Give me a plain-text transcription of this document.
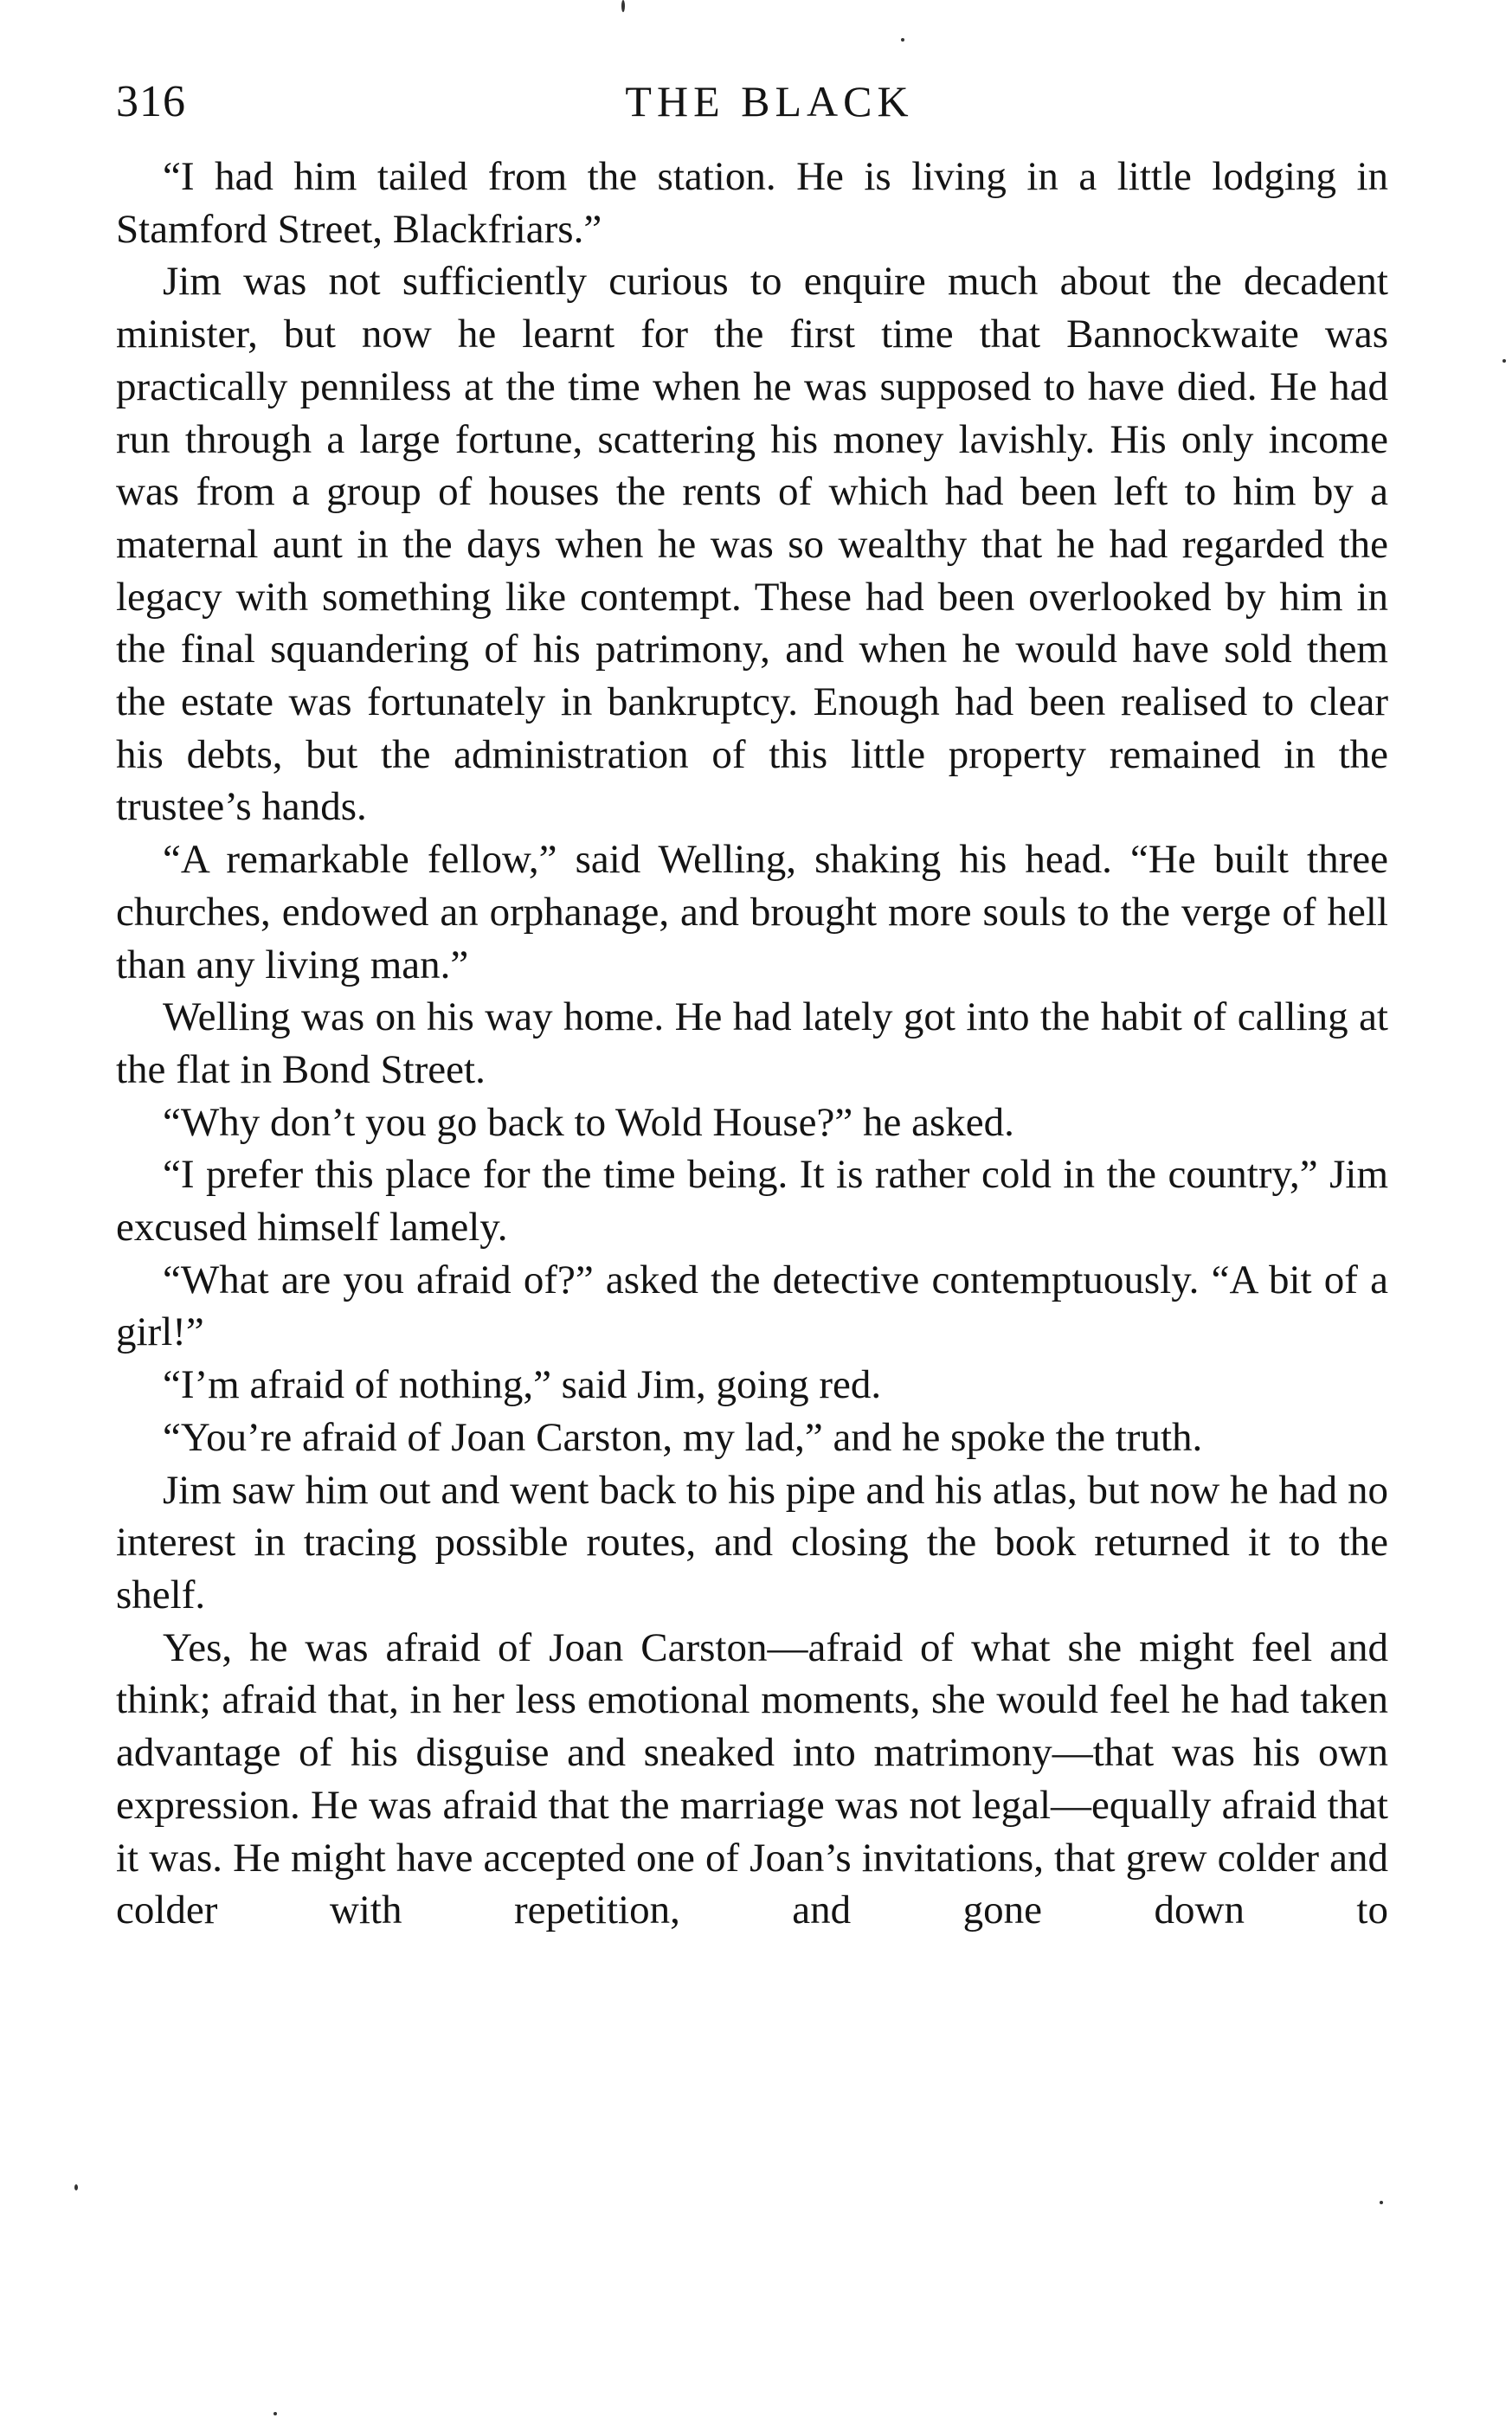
316	THE BLACK

“I had him tailed from the station. He is living in a little lodging in Stamford Street, Blackfriars.”

Jim was not sufficiently curious to enquire much about the decadent minister, but now he learnt for the first time that Bannockwaite was practically penniless at the time when he was supposed to have died. He had run through a large fortune, scattering his money lavishly. His only income was from a group of houses the rents of which had been left to him by a maternal aunt in the days when he was so wealthy that he had regarded the legacy with something like contempt. These had been overlooked by him in the final squandering of his patrimony, and when he would have sold them the estate was fortunately in bankruptcy. Enough had been realised to clear his debts, but the administration of this little property remained in the trustee’s hands.

“A remarkable fellow,” said Welling, shaking his head. “He built three churches, endowed an orphanage, and brought more souls to the verge of hell than any living man.”

Welling was on his way home. He had lately got into the habit of calling at the flat in Bond Street.

“Why don’t you go back to Wold House?” he asked.

“I prefer this place for the time being. It is rather cold in the country,” Jim excused himself lamely.

“What are you afraid of?” asked the detective contemptuously. “A bit of a girl!”

“I’m afraid of nothing,” said Jim, going red.

“You’re afraid of Joan Carston, my lad,” and he spoke the truth.

Jim saw him out and went back to his pipe and his atlas, but now he had no interest in tracing possible routes, and closing the book returned it to the shelf.

Yes, he was afraid of Joan Carston—afraid of what she might feel and think; afraid that, in her less emotional moments, she would feel he had taken advantage of his disguise and sneaked into matrimony—that was his own expression. He was afraid that the marriage was not legal—equally afraid that it was. He might have accepted one of Joan’s invitations, that grew colder and colder with repetition, and gone down to
